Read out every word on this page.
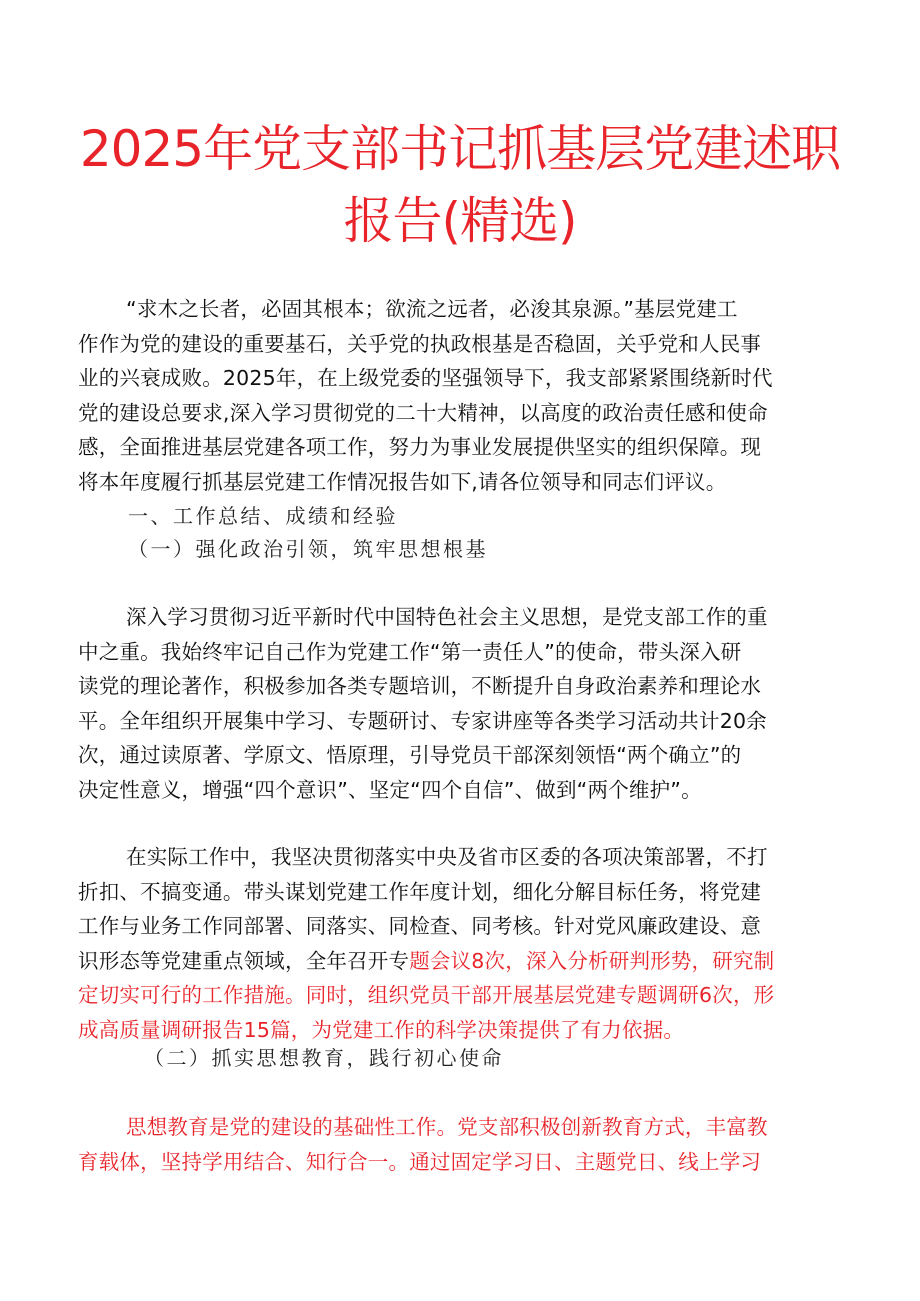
2025年党支部书记抓基层党建述职
报告(精选)
“求木之长者，必固其根本；欲流之远者，必浚其泉源。”基层党建工
作作为党的建设的重要基石，关乎党的执政根基是否稳固，关乎党和人民事
业的兴衰成败。2025年，在上级党委的坚强领导下，我支部紧紧围绕新时代
党的建设总要求,深入学习贯彻党的二十大精神，以高度的政治责任感和使命
感，全面推进基层党建各项工作，努力为事业发展提供坚实的组织保障。现
将本年度履行抓基层党建工作情况报告如下,请各位领导和同志们评议。
一、工作总结、成绩和经验
（一）强化政治引领，筑牢思想根基
深入学习贯彻习近平新时代中国特色社会主义思想，是党支部工作的重
中之重。我始终牢记自己作为党建工作“第一责任人”的使命，带头深入研
读党的理论著作，积极参加各类专题培训，不断提升自身政治素养和理论水
平。全年组织开展集中学习、专题研讨、专家讲座等各类学习活动共计20余
次，通过读原著、学原文、悟原理，引导党员干部深刻领悟“两个确立”的
决定性意义，增强“四个意识”、坚定“四个自信”、做到“两个维护”。
在实际工作中，我坚决贯彻落实中央及省市区委的各项决策部署，不打
折扣、不搞变通。带头谋划党建工作年度计划，细化分解目标任务，将党建
工作与业务工作同部署、同落实、同检查、同考核。针对党风廉政建设、意
识形态等党建重点领域，全年召开专题会议8次，深入分析研判形势，研究制
定切实可行的工作措施。同时，组织党员干部开展基层党建专题调研6次，形
成高质量调研报告15篇，为党建工作的科学决策提供了有力依据。
（二）抓实思想教育，践行初心使命
思想教育是党的建设的基础性工作。党支部积极创新教育方式，丰富教
育载体，坚持学用结合、知行合一。通过固定学习日、主题党日、线上学习
